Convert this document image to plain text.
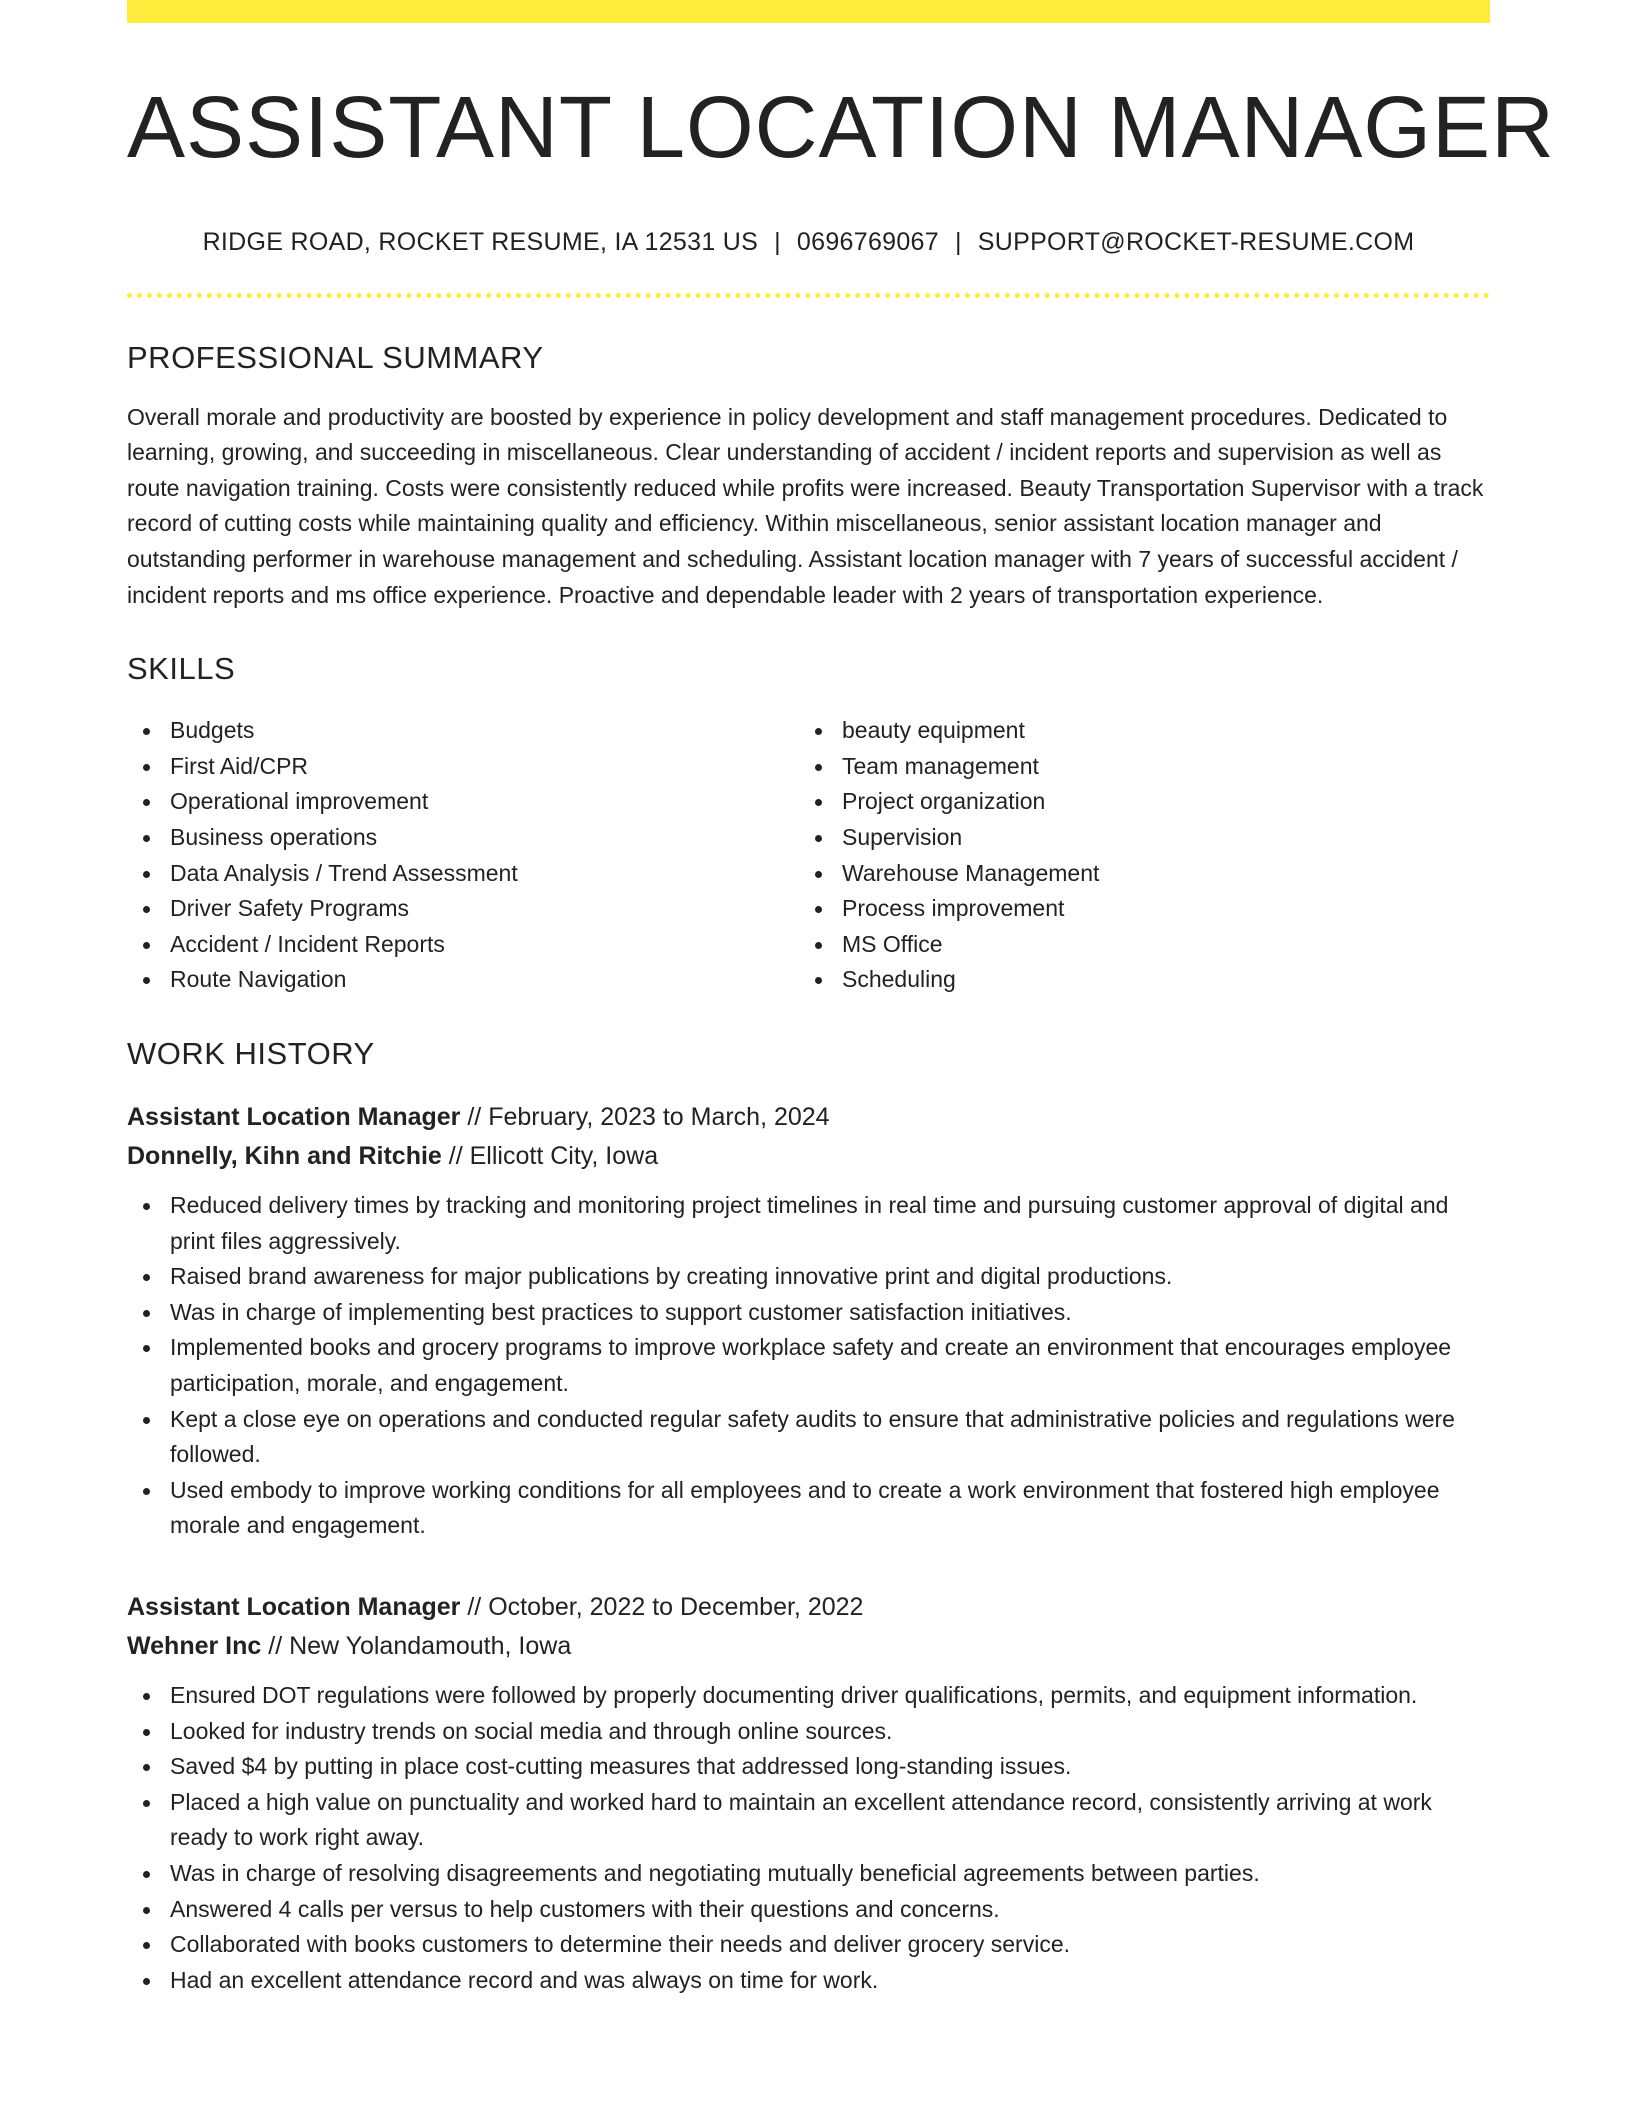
ASSISTANT LOCATION MANAGER
RIDGE ROAD, ROCKET RESUME, IA 12531 US | 0696769067 | SUPPORT@ROCKET-RESUME.COM
PROFESSIONAL SUMMARY

Overall morale and productivity are boosted by experience in policy development and staff management procedures. Dedicated to learning, growing, and succeeding in miscellaneous. Clear understanding of accident / incident reports and supervision as well as route navigation training. Costs were consistently reduced while profits were increased. Beauty Transportation Supervisor with a track record of cutting costs while maintaining quality and efficiency. Within miscellaneous, senior assistant location manager and outstanding performer in warehouse management and scheduling. Assistant location manager with 7 years of successful accident / incident reports and ms office experience. Proactive and dependable leader with 2 years of transportation experience.

SKILLS
Budgets
First Aid/CPR
Operational improvement
Business operations
Data Analysis / Trend Assessment
Driver Safety Programs
Accident / Incident Reports
Route Navigation
beauty equipment
Team management
Project organization
Supervision
Warehouse Management
Process improvement
MS Office
Scheduling
WORK HISTORY
Assistant Location Manager // February, 2023 to March, 2024
Donnelly, Kihn and Ritchie // Ellicott City, Iowa
Reduced delivery times by tracking and monitoring project timelines in real time and pursuing customer approval of digital and print files aggressively.
Raised brand awareness for major publications by creating innovative print and digital productions.
Was in charge of implementing best practices to support customer satisfaction initiatives.
Implemented books and grocery programs to improve workplace safety and create an environment that encourages employee participation, morale, and engagement.
Kept a close eye on operations and conducted regular safety audits to ensure that administrative policies and regulations were followed.
Used embody to improve working conditions for all employees and to create a work environment that fostered high employee morale and engagement.
Assistant Location Manager // October, 2022 to December, 2022
Wehner Inc // New Yolandamouth, Iowa
Ensured DOT regulations were followed by properly documenting driver qualifications, permits, and equipment information.
Looked for industry trends on social media and through online sources.
Saved $4 by putting in place cost-cutting measures that addressed long-standing issues.
Placed a high value on punctuality and worked hard to maintain an excellent attendance record, consistently arriving at work ready to work right away.
Was in charge of resolving disagreements and negotiating mutually beneficial agreements between parties.
Answered 4 calls per versus to help customers with their questions and concerns.
Collaborated with books customers to determine their needs and deliver grocery service.
Had an excellent attendance record and was always on time for work.
